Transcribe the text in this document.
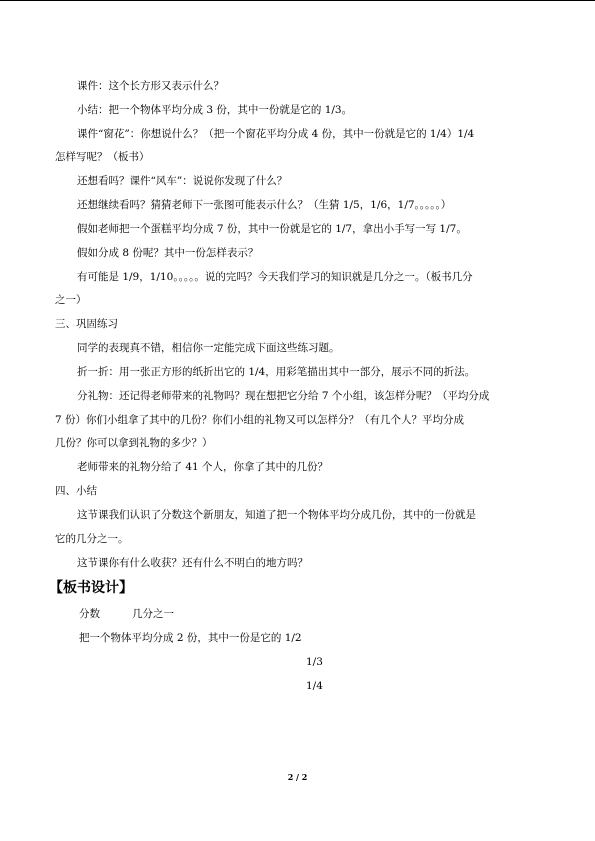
课件：这个长方形又表示什么？
小结：把一个物体平均分成 3 份，其中一份就是它的 1/3。
课件“窗花”：你想说什么？（把一个窗花平均分成 4 份，其中一份就是它的 1/4）1/4
怎样写呢？（板书）
还想看吗？课件“风车”：说说你发现了什么？
还想继续看吗？猜猜老师下一张图可能表示什么？（生猜 1/5，1/6，1/7。。。。。）
假如老师把一个蛋糕平均分成 7 份，其中一份就是它的 1/7，拿出小手写一写 1/7。
假如分成 8 份呢？其中一份怎样表示？
有可能是 1/9，1/10。。。。。说的完吗？今天我们学习的知识就是几分之一。（板书几分
之一）
三、巩固练习
同学的表现真不错，相信你一定能完成下面这些练习题。
折一折：用一张正方形的纸折出它的 1/4，用彩笔描出其中一部分，展示不同的折法。
分礼物：还记得老师带来的礼物吗？现在想把它分给 7 个小组，该怎样分呢？（平均分成
7 份）你们小组拿了其中的几份？你们小组的礼物又可以怎样分？（有几个人？平均分成
几份？你可以拿到礼物的多少？）
老师带来的礼物分给了 41 个人，你拿了其中的几份？
四、小结
这节课我们认识了分数这个新朋友，知道了把一个物体平均分成几份，其中的一份就是
它的几分之一。
这节课你有什么收获？还有什么不明白的地方吗？
【板书设计】
分数	几分之一
把一个物体平均分成 2 份，其中一份是它的 1/2
1/3
1/4
2 / 2
